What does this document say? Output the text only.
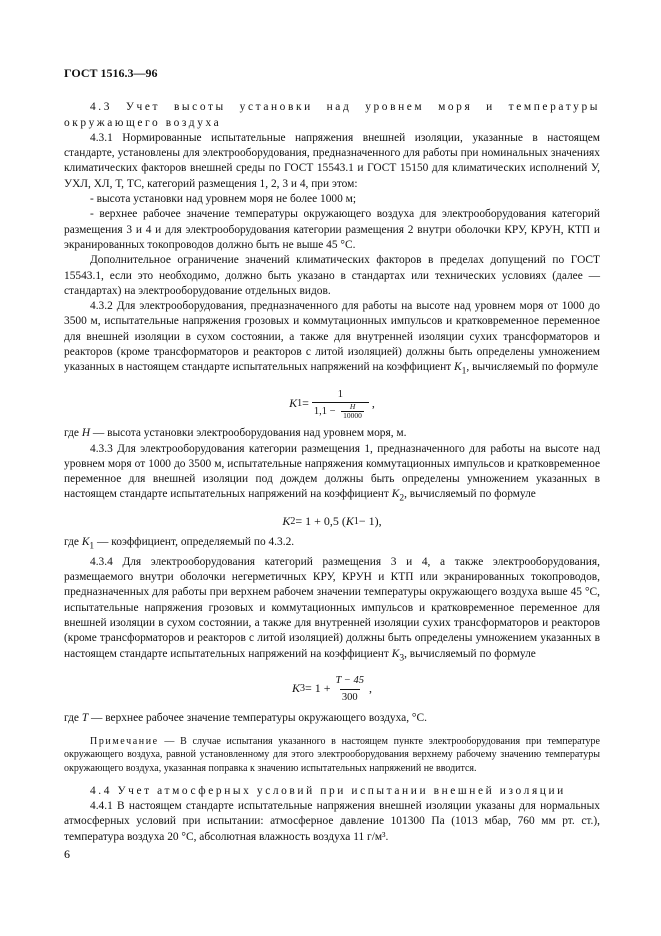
ГОСТ 1516.3—96

4.3 Учет высоты установки над уровнем моря и температуры окружающего воздуха

4.3.1 Нормированные испытательные напряжения внешней изоляции, указанные в настоящем стандарте, установлены для электрооборудования, предназначенного для работы при номинальных значениях климатических факторов внешней среды по ГОСТ 15543.1 и ГОСТ 15150 для климатических исполнений У, УХЛ, ХЛ, Т, ТС, категорий размещения 1, 2, 3 и 4, при этом:

- высота установки над уровнем моря не более 1000 м;

- верхнее рабочее значение температуры окружающего воздуха для электрооборудования категорий размещения 3 и 4 и для электрооборудования категории размещения 2 внутри оболочки КРУ, КРУН, КТП и экранированных токопроводов должно быть не выше 45 °С.

Дополнительное ограничение значений климатических факторов в пределах допущений по ГОСТ 15543.1, если это необходимо, должно быть указано в стандартах или технических условиях (далее — стандартах) на электрооборудование отдельных видов.

4.3.2 Для электрооборудования, предназначенного для работы на высоте над уровнем моря от 1000 до 3500 м, испытательные напряжения грозовых и коммутационных импульсов и кратковременное переменное для внешней изоляции в сухом состоянии, а также для внутренней изоляции сухих трансформаторов и реакторов (кроме трансформаторов и реакторов с литой изоляцией) должны быть определены умножением указанных в настоящем стандарте испытательных напряжений на коэффициент $K_1$, вычисляемый по формуле

K 1 = 1
1,1 −
$\frac{H}{10000}$ ,

где H — высота установки электрооборудования над уровнем моря, м.

4.3.3 Для электрооборудования категории размещения 1, предназначенного для работы на высоте над уровнем моря от 1000 до 3500 м, испытательные напряжения коммутационных импульсов и кратковременное переменное для внешней изоляции под дождем должны быть определены умножением указанных в настоящем стандарте испытательных напряжений на коэффициент $K_2$, вычисляемый по формуле

K 2 = 1 + 0,5 ( K 1 − 1),

где $K_1$ — коэффициент, определяемый по 4.3.2.

4.3.4 Для электрооборудования категорий размещения 3 и 4, а также электрооборудования, размещаемого внутри оболочки негерметичных КРУ, КРУН и КТП или экранированных токопроводов, предназначенных для работы при верхнем рабочем значении температуры окружающего воздуха выше 45 °С, испытательные напряжения грозовых и коммутационных импульсов и кратковременное переменное для внешней изоляции в сухом состоянии, а также для внутренней изоляции сухих трансформаторов и реакторов (кроме трансформаторов и реакторов с литой изоляцией) должны быть определены умножением указанных в настоящем стандарте испытательных напряжений на коэффициент $K_3$, вычисляемый по формуле

K $3 = 1 + \frac{T - 45}{300}$ ,

где T — верхнее рабочее значение температуры окружающего воздуха, °С.

Примечание — В случае испытания указанного в настоящем пункте электрооборудования при температуре окружающего воздуха, равной установленному для этого электрооборудования верхнему рабочему значению температуры окружающего воздуха, указанная поправка к значению испытательных напряжений не вводится.

4.4 Учет атмосферных условий при испытании внешней изоляции

4.4.1 В настоящем стандарте испытательные напряжения внешней изоляции указаны для нормальных атмосферных условий при испытании: атмосферное давление 101300 Па (1013 мбар, 760 мм рт. ст.), температура воздуха 20 °С, абсолютная влажность воздуха 11 г/м³.

6
